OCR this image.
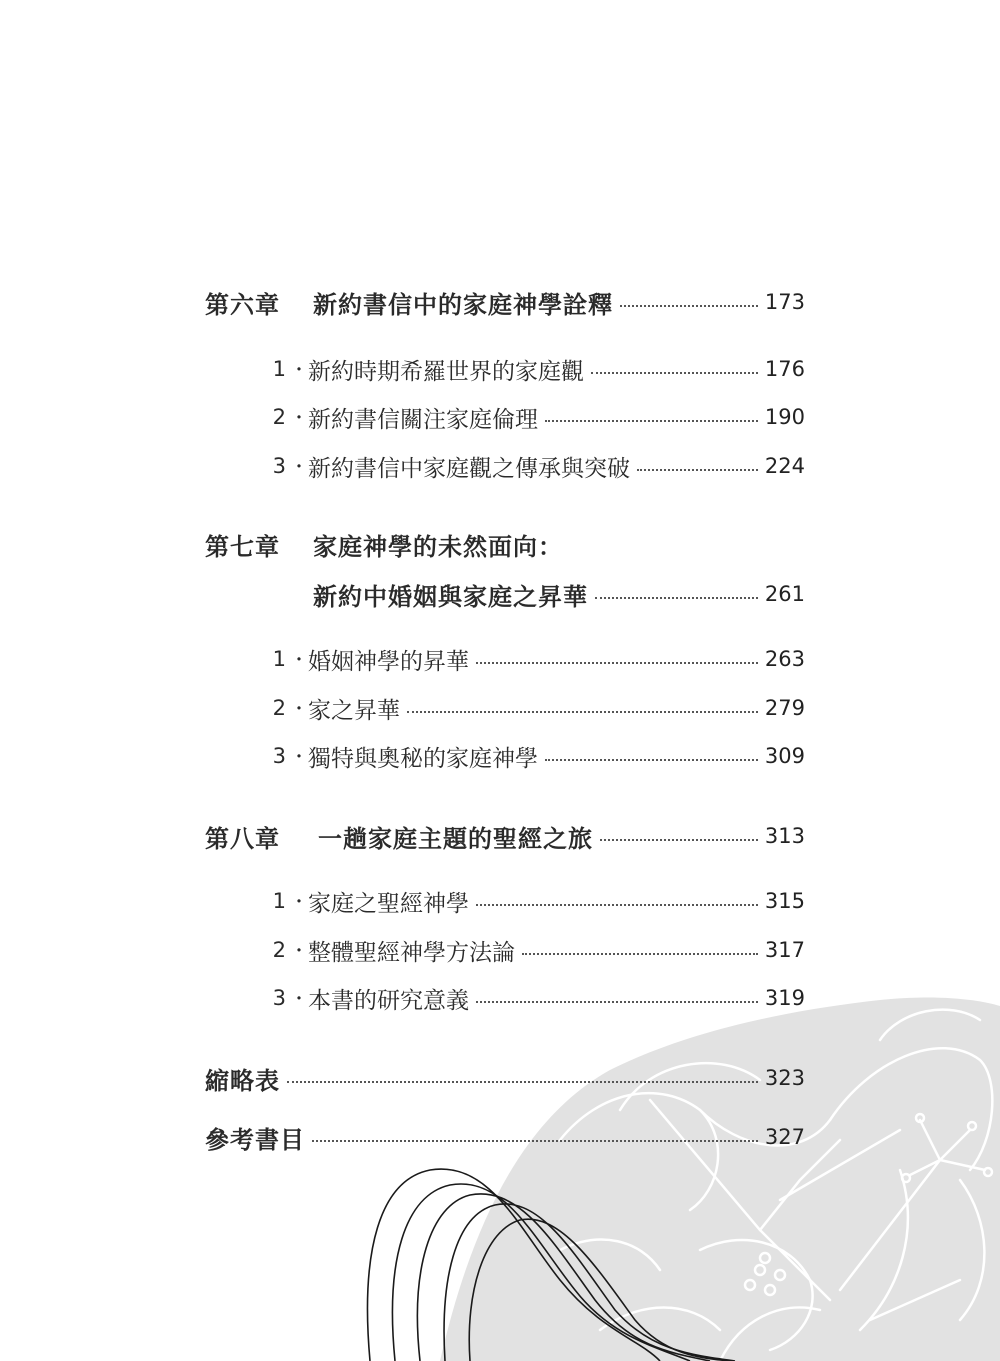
第六章	新約書信中的家庭神學詮釋	173
1 ・ 新約時期希羅世界的家庭觀	176
2 ・ 新約書信關注家庭倫理	190
3 ・ 新約書信中家庭觀之傳承與突破	224
第七章	家庭神學的未然面向：
新約中婚姻與家庭之昇華	261
1 ・ 婚姻神學的昇華	263
2 ・ 家之昇華	279
3 ・ 獨特與奧秘的家庭神學	309
第八章	一趟家庭主題的聖經之旅	313
1 ・ 家庭之聖經神學	315
2 ・ 整體聖經神學方法論	317
3 ・ 本書的研究意義	319
縮略表	323
參考書目	327
